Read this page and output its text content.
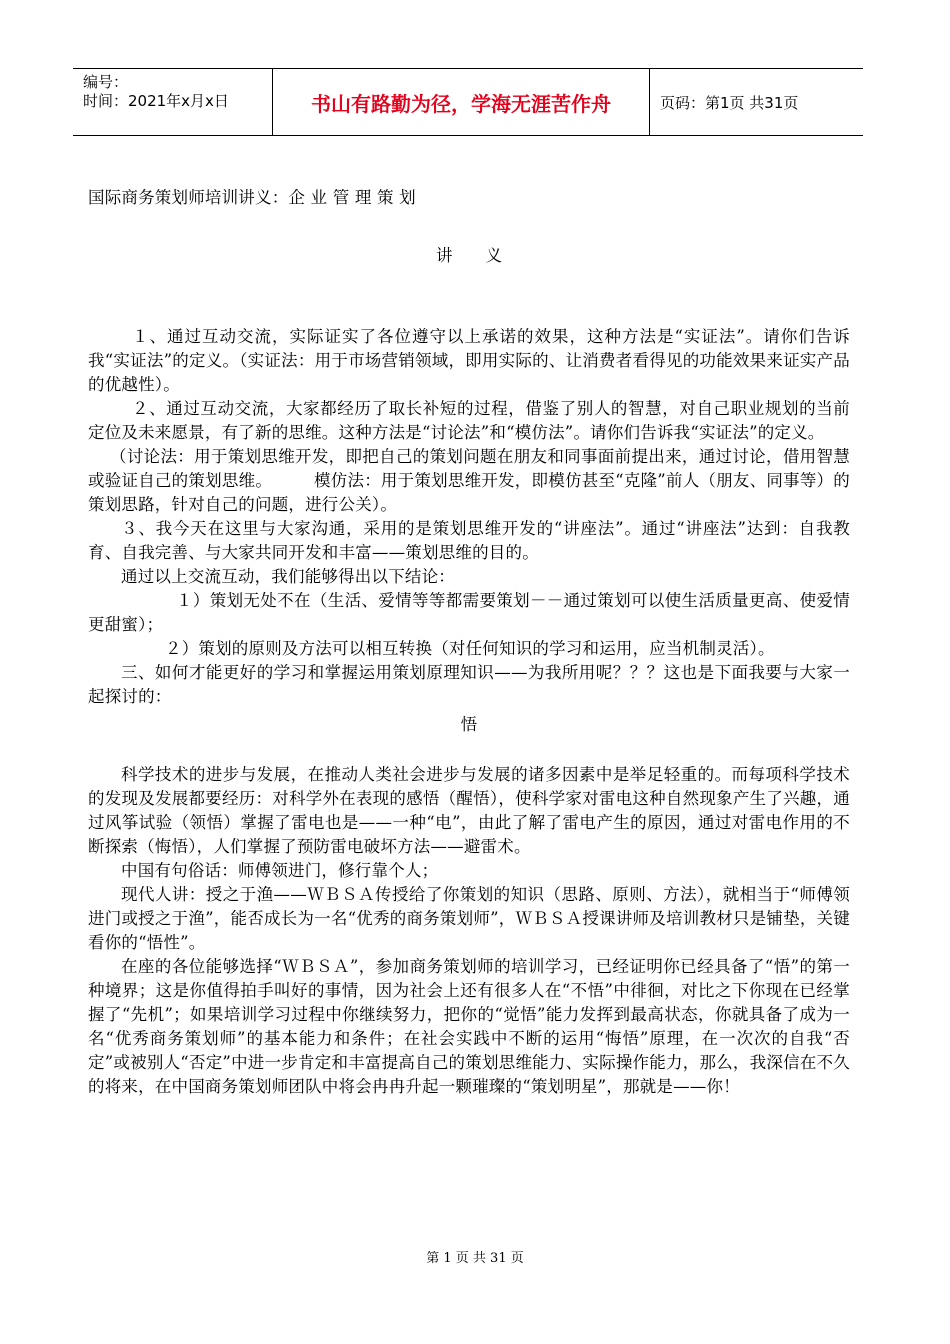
编号：
时间：2021年x月x日	书山有路勤为径，学海无涯苦作舟	页码：第1页 共31页

国际商务策划师培训讲义：企 业 管 理 策 划

讲　　义

１、通过互动交流，实际证实了各位遵守以上承诺的效果，这种方法是“实证法”。请你们告诉我“实证法”的定义。（实证法：用于市场营销领域，即用实际的、让消费者看得见的功能效果来证实产品的优越性）。

２、通过互动交流，大家都经历了取长补短的过程，借鉴了别人的智慧，对自己职业规划的当前定位及未来愿景，有了新的思维。这种方法是“讨论法”和“模仿法”。请你们告诉我“实证法”的定义。

（讨论法：用于策划思维开发，即把自己的策划问题在朋友和同事面前提出来，通过讨论，借用智慧或验证自己的策划思维。　　　模仿法：用于策划思维开发，即模仿甚至“克隆”前人（朋友、同事等）的策划思路，针对自己的问题，进行公关）。

３、我今天在这里与大家沟通，采用的是策划思维开发的“讲座法”。通过“讲座法”达到：自我教育、自我完善、与大家共同开发和丰富——策划思维的目的。

通过以上交流互动，我们能够得出以下结论：

１）策划无处不在（生活、爱情等等都需要策划－－通过策划可以使生活质量更高、使爱情更甜蜜）；

２）策划的原则及方法可以相互转换（对任何知识的学习和运用，应当机制灵活）。

三、如何才能更好的学习和掌握运用策划原理知识——为我所用呢？？？这也是下面我要与大家一起探讨的：

悟

科学技术的进步与发展，在推动人类社会进步与发展的诸多因素中是举足轻重的。而每项科学技术的发现及发展都要经历：对科学外在表现的感悟（醒悟），使科学家对雷电这种自然现象产生了兴趣，通过风筝试验（领悟）掌握了雷电也是——一种“电”，由此了解了雷电产生的原因，通过对雷电作用的不断探索（悔悟），人们掌握了预防雷电破坏方法——避雷术。

中国有句俗话：师傅领进门，修行靠个人；

现代人讲：授之于渔——ＷＢＳＡ传授给了你策划的知识（思路、原则、方法），就相当于“师傅领进门或授之于渔”，能否成长为一名“优秀的商务策划师”，ＷＢＳＡ授课讲师及培训教材只是铺垫，关键看你的“悟性”。

在座的各位能够选择“ＷＢＳＡ”，参加商务策划师的培训学习，已经证明你已经具备了“悟”的第一种境界；这是你值得拍手叫好的事情，因为社会上还有很多人在“不悟”中徘徊，对比之下你现在已经掌握了“先机”；如果培训学习过程中你继续努力，把你的“觉悟”能力发挥到最高状态，你就具备了成为一名“优秀商务策划师”的基本能力和条件；在社会实践中不断的运用“悔悟”原理，在一次次的自我“否定”或被别人“否定”中进一步肯定和丰富提高自己的策划思维能力、实际操作能力，那么，我深信在不久的将来，在中国商务策划师团队中将会冉冉升起一颗璀璨的“策划明星”，那就是——你！

第 1 页 共 31 页
